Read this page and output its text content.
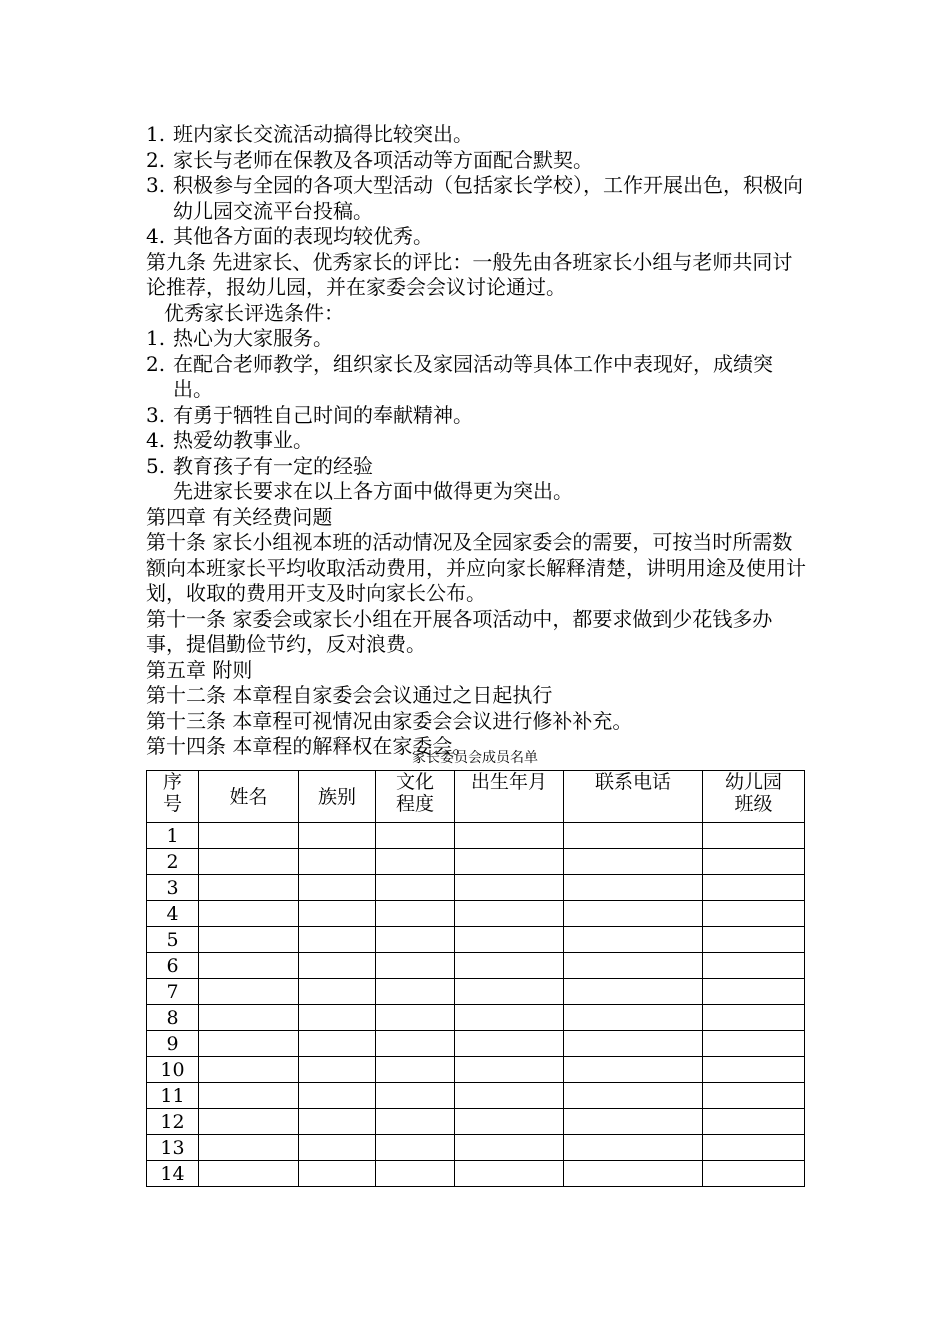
1. 班内家长交流活动搞得比较突出。
2. 家长与老师在保教及各项活动等方面配合默契。
3. 积极参与全园的各项大型活动（包括家长学校），工作开展出色，积极向幼儿园交流平台投稿。
4. 其他各方面的表现均较优秀。
第九条 先进家长、优秀家长的评比：一般先由各班家长小组与老师共同讨论推荐，报幼儿园，并在家委会会议讨论通过。
优秀家长评选条件：
1. 热心为大家服务。
2. 在配合老师教学，组织家长及家园活动等具体工作中表现好，成绩突出。
3. 有勇于牺牲自己时间的奉献精神。
4. 热爱幼教事业。
5. 教育孩子有一定的经验
先进家长要求在以上各方面中做得更为突出。
第四章 有关经费问题
第十条 家长小组视本班的活动情况及全园家委会的需要，可按当时所需数额向本班家长平均收取活动费用，并应向家长解释清楚，讲明用途及使用计划，收取的费用开支及时向家长公布。
第十一条 家委会或家长小组在开展各项活动中，都要求做到少花钱多办事，提倡勤俭节约，反对浪费。
第五章 附则
第十二条 本章程自家委会会议通过之日起执行
第十三条 本章程可视情况由家委会会议进行修补补充。
第十四条 本章程的解释权在家委会。
家长委员会成员名单
序号	姓名	族别	文化程度	出生年月	联系电话	幼儿园班级
1						
2						
3						
4						
5						
6						
7						
8						
9						
10						
11						
12						
13						
14						
